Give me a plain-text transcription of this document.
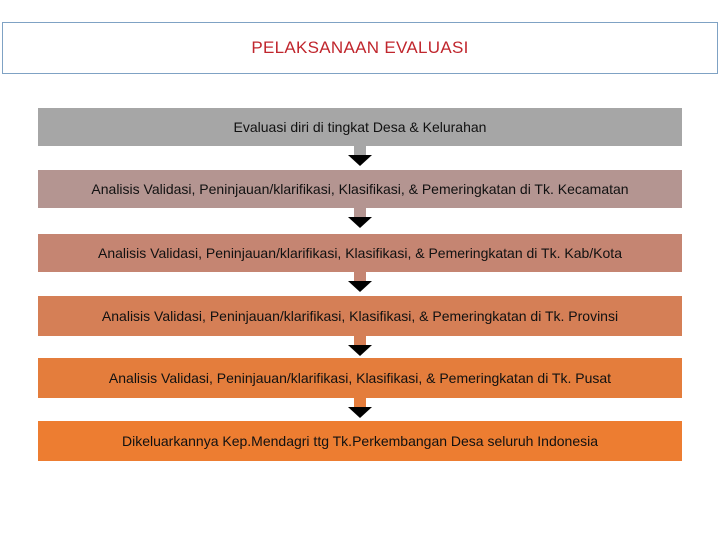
PELAKSANAAN EVALUASI
Evaluasi diri di tingkat Desa & Kelurahan
Analisis Validasi, Peninjauan/klarifikasi, Klasifikasi, & Pemeringkatan di Tk. Kecamatan
Analisis Validasi, Peninjauan/klarifikasi, Klasifikasi, & Pemeringkatan di Tk. Kab/Kota
Analisis Validasi, Peninjauan/klarifikasi, Klasifikasi, & Pemeringkatan di Tk. Provinsi
Analisis Validasi, Peninjauan/klarifikasi, Klasifikasi, & Pemeringkatan di Tk. Pusat
Dikeluarkannya Kep.Mendagri ttg Tk.Perkembangan Desa seluruh Indonesia
